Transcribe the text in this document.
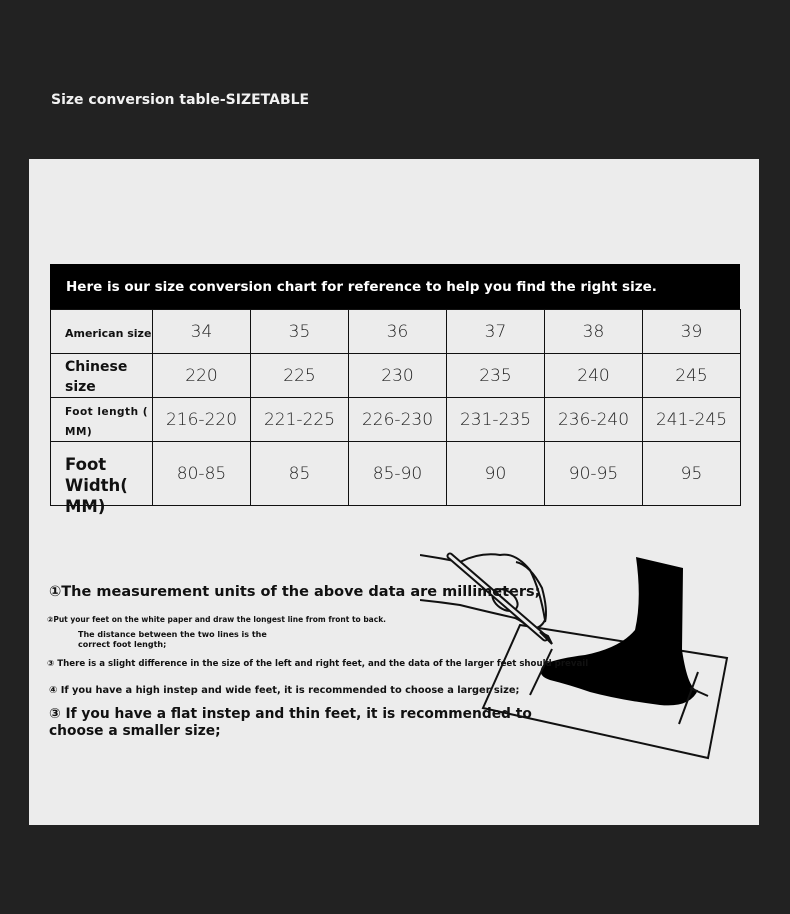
Size conversion table-SIZETABLE
Here is our size conversion chart for reference to help you find the right size.
American size	34	35	36	37	38	39
Chinese size	220	225	230	235	240	245
Foot length ( MM)	216-220	221-225	226-230	231-235	236-240	241-245

Foot Width( MM)	80-85	85	85-90	90	90-95	95
①The measurement units of the above data are millimeters;
②Put your feet on the white paper and draw the longest line from front to back.
The distance between the two lines is the correct foot length;
③ There is a slight difference in the size of the left and right feet, and the data of the larger feet should prevail
④ If you have a high instep and wide feet, it is recommended to choose a larger size;
③ If you have a flat instep and thin feet, it is recommended to choose a smaller size;
